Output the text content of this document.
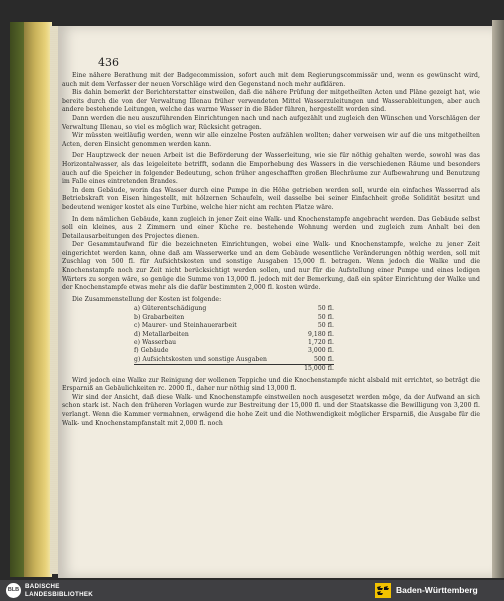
436

Eine nähere Berathung mit der Badgecommission, sofort auch mit dem Regierungscommissär und, wenn es gewünscht wird, auch mit dem Verfasser der neuen Vorschläge wird den Gegenstand noch mehr aufklären.

Bis dahin bemerkt der Berichterstatter einstweilen, daß die nähere Prüfung der mitgetheilten Acten und Pläne gezeigt hat, wie bereits durch die von der Verwaltung Illenau früher verwendeten Mittel Wasserzuleitungen und Wasserableitungen, aber auch andere bestehende Leitungen, welche das warme Wasser in die Bäder führen, hergestellt worden sind.

Dann werden die neu auszuführenden Einrichtungen nach und nach aufgezählt und zugleich den Wünschen und Vorschlägen der Verwaltung Illenau, so viel es möglich war, Rücksicht getragen.

Wir müssten weitläufig werden, wenn wir alle einzelne Posten aufzählen wollten; daher verweisen wir auf die uns mitgetheilten Acten, deren Einsicht genommen werden kann.

Der Hauptzweck der neuen Arbeit ist die Beförderung der Wasserleitung, wie sie für nöthig gehalten werde, sowohl was das Horizontalwasser, als das leigeleitete betrifft, sodann die Emporhebung des Wassers in die verschiedenen Räume und besonders auch auf die Speicher in folgender Bedeutung, schon früher angeschafften großen Blechräume zur Aufbewahrung und Benutzung im Falle eines eintretenden Brandes.

In dem Gebäude, worin das Wasser durch eine Pumpe in die Höhe getrieben werden soll, wurde ein einfaches Wasserrad als Betriebskraft von Eisen hingestellt, mit hölzernen Schaufeln, weil dasselbe bei seiner Einfachheit große Solidität besitzt und bedeutend weniger kostet als eine Turbine, welche hier nicht am rechten Platze wäre.

In dem nämlichen Gebäude, kann zugleich in jener Zeit eine Walk- und Knochenstampfe angebracht werden. Das Gebäude selbst soll ein kleines, aus 2 Zimmern und einer Küche re. bestehende Wohnung werden und zugleich zum Anhalt bei den Detailausarbeitungen des Projectes dienen.

Der Gesammtaufwand für die bezeichneten Einrichtungen, wobei eine Walk- und Knochenstampfe, welche zu jener Zeit eingerichtet werden kann, ohne daß am Wasserwerke und an dem Gebäude wesentliche Veränderungen nöthig werden, soll mit Zuschlag von 500 fl. für Aufsichtskosten und sonstige Ausgaben 15,000 fl. betragen. Wenn jedoch die Walke und die Knochenstampfe noch zur Zeit nicht berücksichtigt werden sollen, und nur für die Aufstellung einer Pumpe und eines ledigen Wärters zu sorgen wäre, so genüge die Summe von 13,000 fl. jedoch mit der Bemerkung, daß ein später Einrichtung der Walke und der Knochenstampfe etwas mehr als die dafür bestimmten 2,000 fl. kosten würde.

Die Zusammenstellung der Kosten ist folgende:

a) Güterentschädigung	50 fl.
b) Grabarbeiten	50 fl.
c) Maurer- und Steinhauerarbeit	50 fl.
d) Metallarbeiten	9,180 fl.
e) Wasserbau	1,720 fl.
f) Gebäude	3,000 fl.
g) Aufsichtskosten und sonstige Ausgaben	500 fl.
	15,000 fl.

Wird jedoch eine Walke zur Reinigung der wollenen Teppiche und die Knochenstampfe nicht alsbald mit errichtet, so beträgt die Ersparniß an Gebäulichkeiten rc. 2000 fl., daher nur nöthig sind 13,000 fl.

Wir sind der Ansicht, daß diese Walk- und Knochenstampfe einstweilen noch ausgesetzt werden möge, da der Aufwand an sich schon stark ist. Nach den früheren Vorlagen wurde zur Bestreitung der 15,000 fl. und der Staatskasse die Bewilligung von 3,200 fl. verlangt. Wenn die Kammer vermahnen, erwägend die hohe Zeit und die Nothwendigkeit möglicher Ersparniß, die Ausgabe für die Walk- und Knochenstampfanstalt mit 2,000 fl. noch

BLB BADISCHE
LANDESBIBLIOTHEK	Baden-Württemberg
